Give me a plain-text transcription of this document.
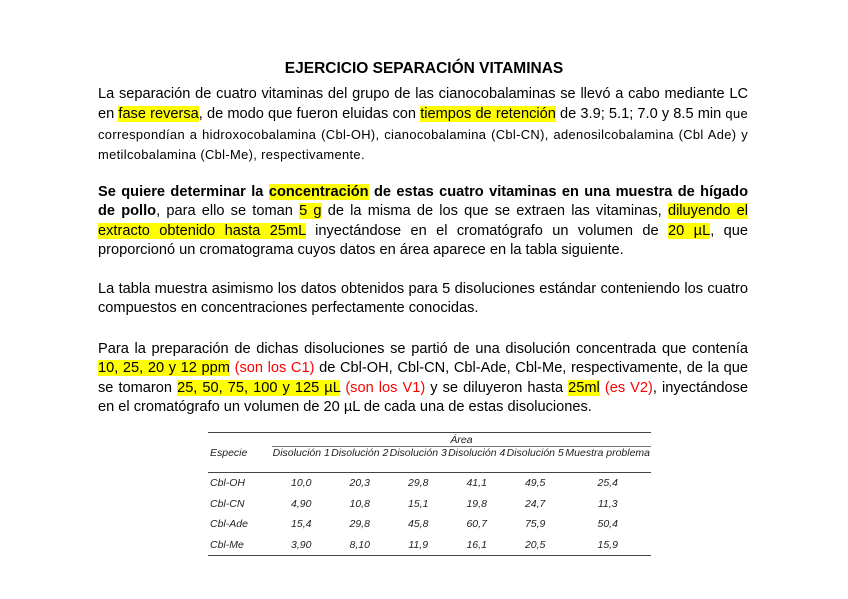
EJERCICIO SEPARACIÓN VITAMINAS
La separación de cuatro vitaminas del grupo de las cianocobalaminas se llevó a cabo mediante LC en fase reversa, de modo que fueron eluidas con tiempos de retención de 3.9; 5.1; 7.0 y 8.5 min que correspondían a hidroxocobalamina (Cbl-OH), cianocobalamina (Cbl-CN), adenosilcobalamina (Cbl Ade) y metilcobalamina (Cbl-Me), respectivamente.
Se quiere determinar la concentración de estas cuatro vitaminas en una muestra de hígado de pollo, para ello se toman 5 g de la misma de los que se extraen las vitaminas, diluyendo el extracto obtenido hasta 25mL inyectándose en el cromatógrafo un volumen de 20 µL, que proporcionó un cromatograma cuyos datos en área aparece en la tabla siguiente.
La tabla muestra asimismo los datos obtenidos para 5 disoluciones estándar conteniendo los cuatro compuestos en concentraciones perfectamente conocidas.
Para la preparación de dichas disoluciones se partió de una disolución concentrada que contenía 10, 25, 20 y 12 ppm (son los C1) de Cbl-OH, Cbl-CN, Cbl-Ade, Cbl-Me, respectivamente, de la que se tomaron 25, 50, 75, 100 y 125 µL (son los V1) y se diluyeron hasta 25ml (es V2), inyectándose en el cromatógrafo un volumen de 20 µL de cada una de estas disoluciones.
	Área					
Especie	Disolución 1	Disolución 2	Disolución 3	Disolución 4	Disolución 5	Muestra problema
Cbl-OH	10,0	20,3	29,8	41,1	49,5	25,4
Cbl-CN	4,90	10,8	15,1	19,8	24,7	11,3
Cbl-Ade	15,4	29,8	45,8	60,7	75,9	50,4
Cbl-Me	3,90	8,10	11,9	16,1	20,5	15,9
